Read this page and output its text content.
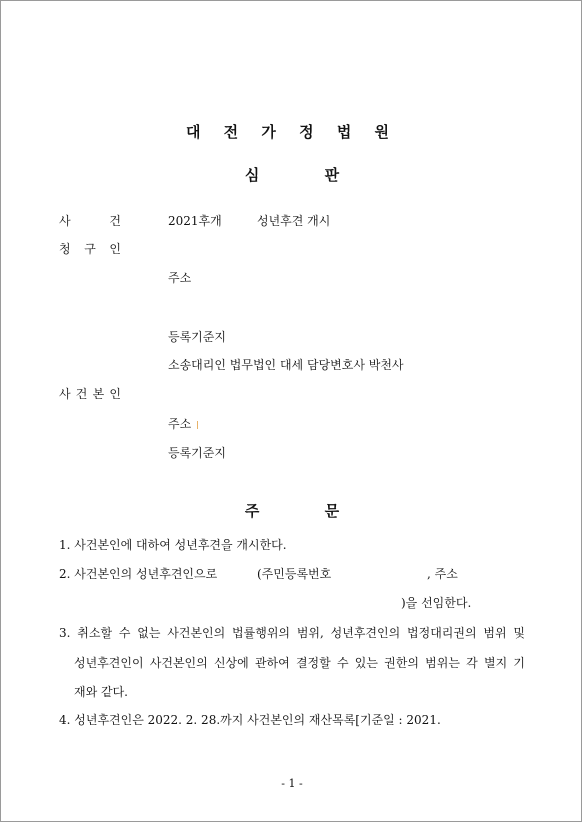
대 전 가 정 법 원
심 판
사	건	2021후개	성년후견 개시
청 구 인
주소
등록기준지
소송대리인 법무법인 대세 담당변호사 박천사
사 건 본 인
주소
등록기준지
주 문
1. 사건본인에 대하여 성년후견을 개시한다.
2. 사건본인의 성년후견인으로	(주민등록번호	, 주소
)을 선임한다.
3. 취소할 수 없는 사건본인의 법률행위의 범위, 성년후견인의 법정대리권의 범위 및
성년후견인이 사건본인의 신상에 관하여 결정할 수 있는 권한의 범위는 각 별지 기
재와 같다.
4. 성년후견인은 2022. 2. 28.까지 사건본인의 재산목록[기준일 : 2021.
- 1 -
